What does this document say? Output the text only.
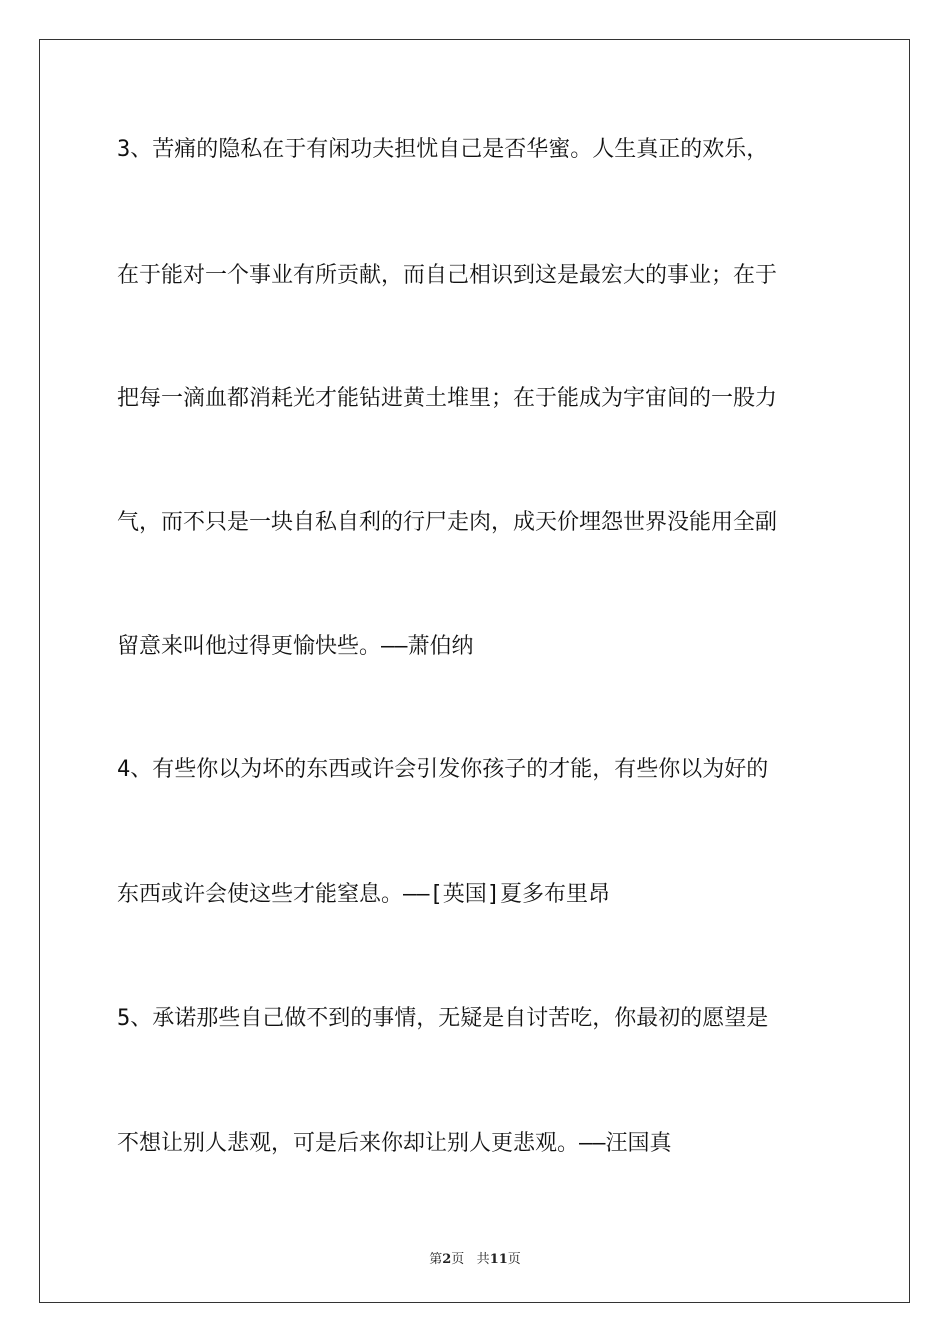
3、苦痛的隐私在于有闲功夫担忧自己是否华蜜。人生真正的欢乐，
在于能对一个事业有所贡献，而自己相识到这是最宏大的事业；在于
把每一滴血都消耗光才能钻进黄土堆里；在于能成为宇宙间的一股力
气，而不只是一块自私自利的行尸走肉，成天价埋怨世界没能用全副
留意来叫他过得更愉快些。——萧伯纳
4、有些你以为坏的东西或许会引发你孩子的才能，有些你以为好的
东西或许会使这些才能窒息。——[英国]夏多布里昂
5、承诺那些自己做不到的事情，无疑是自讨苦吃，你最初的愿望是
不想让别人悲观，可是后来你却让别人更悲观。——汪国真
第2页 共11页
